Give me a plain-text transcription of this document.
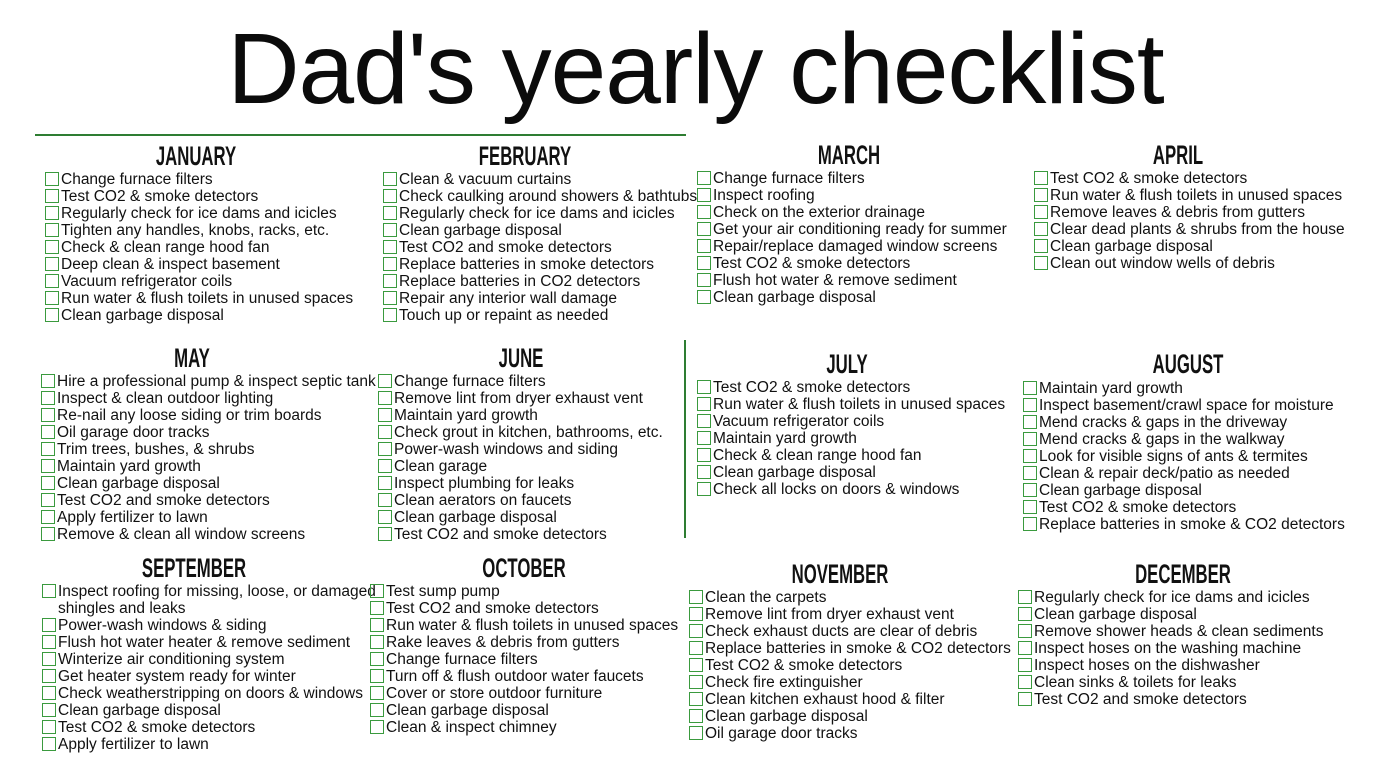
Dad's yearly checklist
JANUARY
Change furnace filters
Test CO2 & smoke detectors
Regularly check for ice dams and icicles
Tighten any handles, knobs, racks, etc.
Check & clean range hood fan
Deep clean & inspect basement
Vacuum refrigerator coils
Run water & flush toilets in unused spaces
Clean garbage disposal
FEBRUARY
Clean & vacuum curtains
Check caulking around showers & bathtubs
Regularly check for ice dams and icicles
Clean garbage disposal
Test CO2 and smoke detectors
Replace batteries in smoke detectors
Replace batteries in CO2 detectors
Repair any interior wall damage
Touch up or repaint as needed
MARCH
Change furnace filters
Inspect roofing
Check on the exterior drainage
Get your air conditioning ready for summer
Repair/replace damaged window screens
Test CO2 & smoke detectors
Flush hot water & remove sediment
Clean garbage disposal
APRIL
Test CO2 & smoke detectors
Run water & flush toilets in unused spaces
Remove leaves & debris from gutters
Clear dead plants & shrubs from the house
Clean garbage disposal
Clean out window wells of debris
MAY
Hire a professional pump & inspect septic tank
Inspect & clean outdoor lighting
Re-nail any loose siding or trim boards
Oil garage door tracks
Trim trees, bushes, & shrubs
Maintain yard growth
Clean garbage disposal
Test CO2 and smoke detectors
Apply fertilizer to lawn
Remove & clean all window screens
JUNE
Change furnace filters
Remove lint from dryer exhaust vent
Maintain yard growth
Check grout in kitchen, bathrooms, etc.
Power-wash windows and siding
Clean garage
Inspect plumbing for leaks
Clean aerators on faucets
Clean garbage disposal
Test CO2 and smoke detectors
JULY
Test CO2 & smoke detectors
Run water & flush toilets in unused spaces
Vacuum refrigerator coils
Maintain yard growth
Check & clean range hood fan
Clean garbage disposal
Check all locks on doors & windows
AUGUST
Maintain yard growth
Inspect basement/crawl space for moisture
Mend cracks & gaps in the driveway
Mend cracks & gaps in the walkway
Look for visible signs of ants & termites
Clean & repair deck/patio as needed
Clean garbage disposal
Test CO2 & smoke detectors
Replace batteries in smoke & CO2 detectors
SEPTEMBER
Inspect roofing for missing, loose, or damaged shingles and leaks
Power-wash windows & siding
Flush hot water heater & remove sediment
Winterize air conditioning system
Get heater system ready for winter
Check weatherstripping on doors & windows
Clean garbage disposal
Test CO2 & smoke detectors
Apply fertilizer to lawn
OCTOBER
Test sump pump
Test CO2 and smoke detectors
Run water & flush toilets in unused spaces
Rake leaves & debris from gutters
Change furnace filters
Turn off & flush outdoor water faucets
Cover or store outdoor furniture
Clean garbage disposal
Clean & inspect chimney
NOVEMBER
Clean the carpets
Remove lint from dryer exhaust vent
Check exhaust ducts are clear of debris
Replace batteries in smoke & CO2 detectors
Test CO2 & smoke detectors
Check fire extinguisher
Clean kitchen exhaust hood & filter
Clean garbage disposal
Oil garage door tracks
DECEMBER
Regularly check for ice dams and icicles
Clean garbage disposal
Remove shower heads & clean sediments
Inspect hoses on the washing machine
Inspect hoses on the dishwasher
Clean sinks & toilets for leaks
Test CO2 and smoke detectors
